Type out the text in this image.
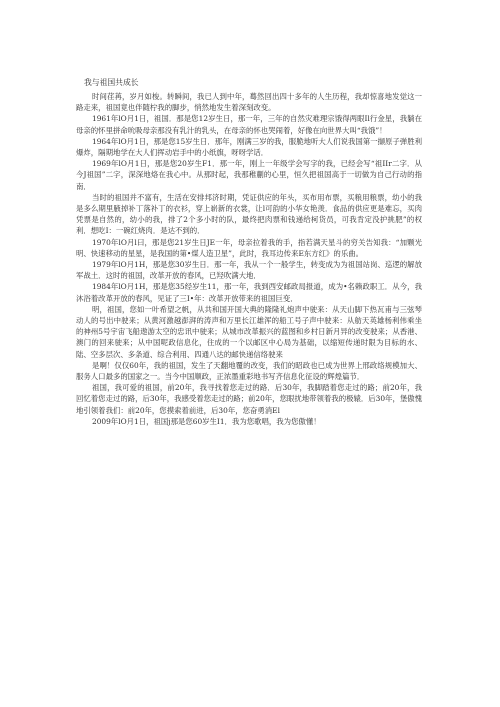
我与祖国共成长

时间荏苒，岁月如梭。转瞬间，我已人到中年，蓦然回出四十多年的人生历程，我却惊喜地发觉这一路走来，祖国竟也伴随柠我的脚步，悄然地发生着深刻改变。

1961年lO月1日，祖国．那是您12岁生日，那一年，三年的自然灾难理宗饿得两眼Il行金星，我躺在母亲的怀里拼命吮吸母亲那没有乳汁的乳头，在母亲的怀也哭闹着，好像在向世界大叫“我饿”！

1964年lO月1日，那是您15岁生日．那年，刚满三岁的我，服脆地听大人们说我国第一撷原子弹胜利爆炸，隔期地学在大人们挥动岩手中的小纸旗，呀呀学话．

1969年lO月1日，那是您20岁生F1．那一年，刚上一年级学会写字的我，已经会写“祖IIr二字．从今J祖国”二字，深深地烙在我心中。从那时起，我那稚蒯的心里，恒久把祖国高于一切做为自己行动的指南．

当时的祖国并不富有，生活在安排邦济时期，凭证供应的年头，买布用布票，买粮用粮票，幼小的我是多么期里腋掉补丁落补丁的衣衫，穿上崭新的衣裳，让l可韵的小华女艳羡．食品的供应更是难忘，买肉凭票是自然的，幼小的我，排了2个多小时的队，最终把肉票和钱递给柯货员，可我肯定没护挑肥”的权利．想吃I：一碗红烧肉．是达不到的．

1970年lO月l曰，那是您21岁生日JE一年，母亲拉着我的手，指若满天星斗的穷关告知我：“加颗光明、快速移动的星星，是我国的第•煤人造卫星”，此时，我耳边传来E东方红》的乐曲。

1979年lO月1H，那是您30岁生日．那一年，我从一个一般学生，转变成为为祖国站岗、巡逻的解放军战土．这时的祖国，改革开放的春风，已羟吹满大地．

1984年lO月1H，那是您35经岁生11，那一年，我到西安邮政局报道，成为•名赖政职工．从今，我沐浴着改革开放的春风，见证了三I•年：改革开放带来的祖国巨变．

明，祖国，您如一叶希望之帆，从共和国开国大典的隆隆礼炮声中驶来：从天山脚下热瓦甫与三弦琴动人的号出中驶来；从黄河激越澎湃的涛声和万里长江雄浑的船工号子声中驶来：从舫天英雄杨利伟乘坐的神州5号宇宙飞船遨游太空的忠讯中驶来；从城市改革振兴的蓝图和乡村日新月异的改变驶来；从香港、澳门的回来驶来；从中国呢政信息化，住成的一个以邮区中心局为基础，以缩短传递时限为目标的水、陆、空多层次、多条道、综合利用、四通八达的邮快递信络驶来

是啊！仅仅60年，我的祖国，发生了天翻地覆的改变，我们的昭政也已成为世界上邢政络规模加大、服务人口最多的国家之一。当今中国顺政，正浓墨重彩地书写齐信息化征设的辉煌篇节．

祖国，我可爱的祖国，前20年，我寻找着您走过的路．后30年，我脚踏着您走过的路；前20年，我回忆着您走过的路，后30年，我感受着您走过的路；前20年，您眼扰地带领着我的极辕．后30年，堡傲愧地引领着我们：前20年，您摸索着前进，后30年，您奋勇消El

2009年lO月1日，祖国j那是您60岁生I1．我为您歌唱，我为您傲懂！
